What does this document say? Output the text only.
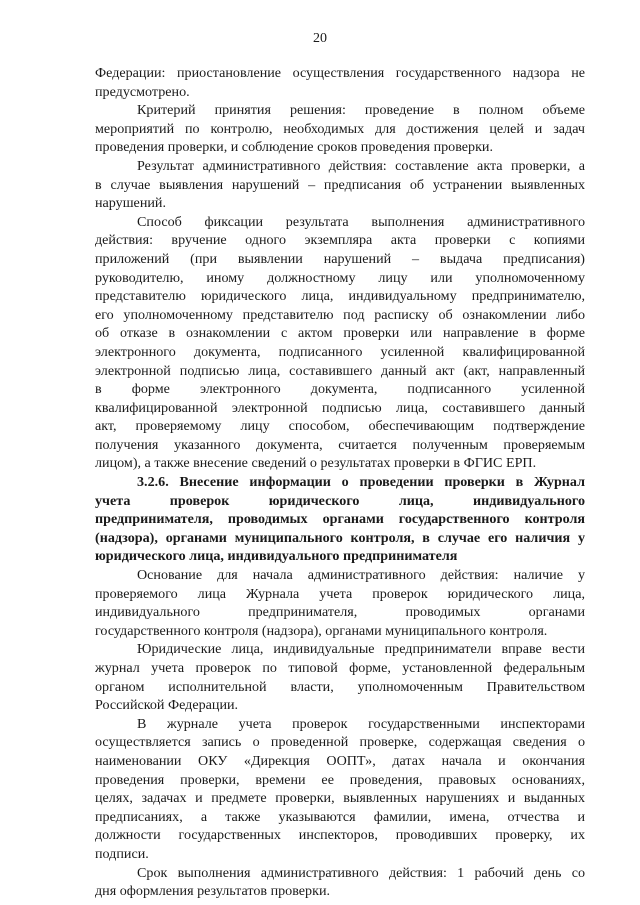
20
Федерации: приостановление осуществления государственного надзора не
предусмотрено.
Критерий принятия решения: проведение в полном объеме
мероприятий по контролю, необходимых для достижения целей и задач
проведения проверки, и соблюдение сроков проведения проверки.
Результат административного действия: составление акта проверки, а
в случае выявления нарушений – предписания об устранении выявленных
нарушений.
Способ фиксации результата выполнения административного
действия: вручение одного экземпляра акта проверки с копиями
приложений (при выявлении нарушений – выдача предписания)
руководителю, иному должностному лицу или уполномоченному
представителю юридического лица, индивидуальному предпринимателю,
его уполномоченному представителю под расписку об ознакомлении либо
об отказе в ознакомлении с актом проверки или направление в форме
электронного документа, подписанного усиленной квалифицированной
электронной подписью лица, составившего данный акт (акт, направленный
в форме электронного документа, подписанного усиленной
квалифицированной электронной подписью лица, составившего данный
акт, проверяемому лицу способом, обеспечивающим подтверждение
получения указанного документа, считается полученным проверяемым
лицом), а также внесение сведений о результатах проверки в ФГИС ЕРП.
3.2.6. Внесение информации о проведении проверки в Журнал
учета проверок юридического лица, индивидуального
предпринимателя, проводимых органами государственного контроля
(надзора), органами муниципального контроля, в случае его наличия у
юридического лица, индивидуального предпринимателя
Основание для начала административного действия: наличие у
проверяемого лица Журнала учета проверок юридического лица,
индивидуального предпринимателя, проводимых органами
государственного контроля (надзора), органами муниципального контроля.
Юридические лица, индивидуальные предприниматели вправе вести
журнал учета проверок по типовой форме, установленной федеральным
органом исполнительной власти, уполномоченным Правительством
Российской Федерации.
В журнале учета проверок государственными инспекторами
осуществляется запись о проведенной проверке, содержащая сведения о
наименовании ОКУ «Дирекция ООПТ», датах начала и окончания
проведения проверки, времени ее проведения, правовых основаниях,
целях, задачах и предмете проверки, выявленных нарушениях и выданных
предписаниях, а также указываются фамилии, имена, отчества и
должности государственных инспекторов, проводивших проверку, их
подписи.
Срок выполнения административного действия: 1 рабочий день со
дня оформления результатов проверки.
